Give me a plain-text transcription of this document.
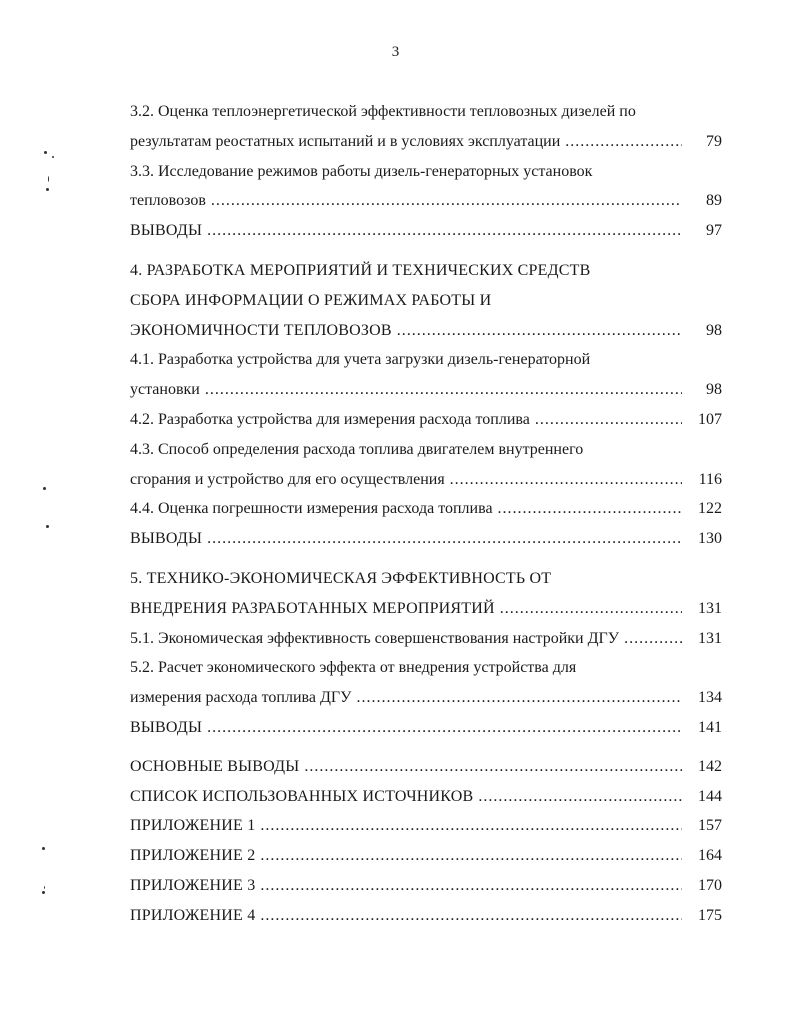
3
3.2. Оценка теплоэнергетической эффективности тепловозных дизелей по
результатам реостатных испытаний и в условиях эксплуатации .....	79
3.3. Исследование режимов работы дизель-генераторных установок
тепловозов .....	89
ВЫВОДЫ .....	97
4. РАЗРАБОТКА МЕРОПРИЯТИЙ И ТЕХНИЧЕСКИХ СРЕДСТВ
СБОРА ИНФОРМАЦИИ О РЕЖИМАХ РАБОТЫ И
ЭКОНОМИЧНОСТИ ТЕПЛОВОЗОВ .....	98
4.1. Разработка устройства для учета загрузки дизель-генераторной
установки .....	98
4.2. Разработка устройства для измерения расхода топлива .....	107
4.3. Способ определения расхода топлива двигателем внутреннего
сгорания и устройство для его осуществления .....	116
4.4. Оценка погрешности измерения расхода топлива .....	122
ВЫВОДЫ .....	130
5. ТЕХНИКО-ЭКОНОМИЧЕСКАЯ ЭФФЕКТИВНОСТЬ ОТ
ВНЕДРЕНИЯ РАЗРАБОТАННЫХ МЕРОПРИЯТИЙ .....	131
5.1. Экономическая эффективность совершенствования настройки ДГУ .....	131
5.2. Расчет экономического эффекта от внедрения устройства для
измерения расхода топлива ДГУ .....	134
ВЫВОДЫ .....	141
ОСНОВНЫЕ ВЫВОДЫ .....	142
СПИСОК ИСПОЛЬЗОВАННЫХ ИСТОЧНИКОВ .....	144
ПРИЛОЖЕНИЕ 1 .....	157
ПРИЛОЖЕНИЕ 2 .....	164
ПРИЛОЖЕНИЕ 3 .....	170
ПРИЛОЖЕНИЕ 4 .....	175
